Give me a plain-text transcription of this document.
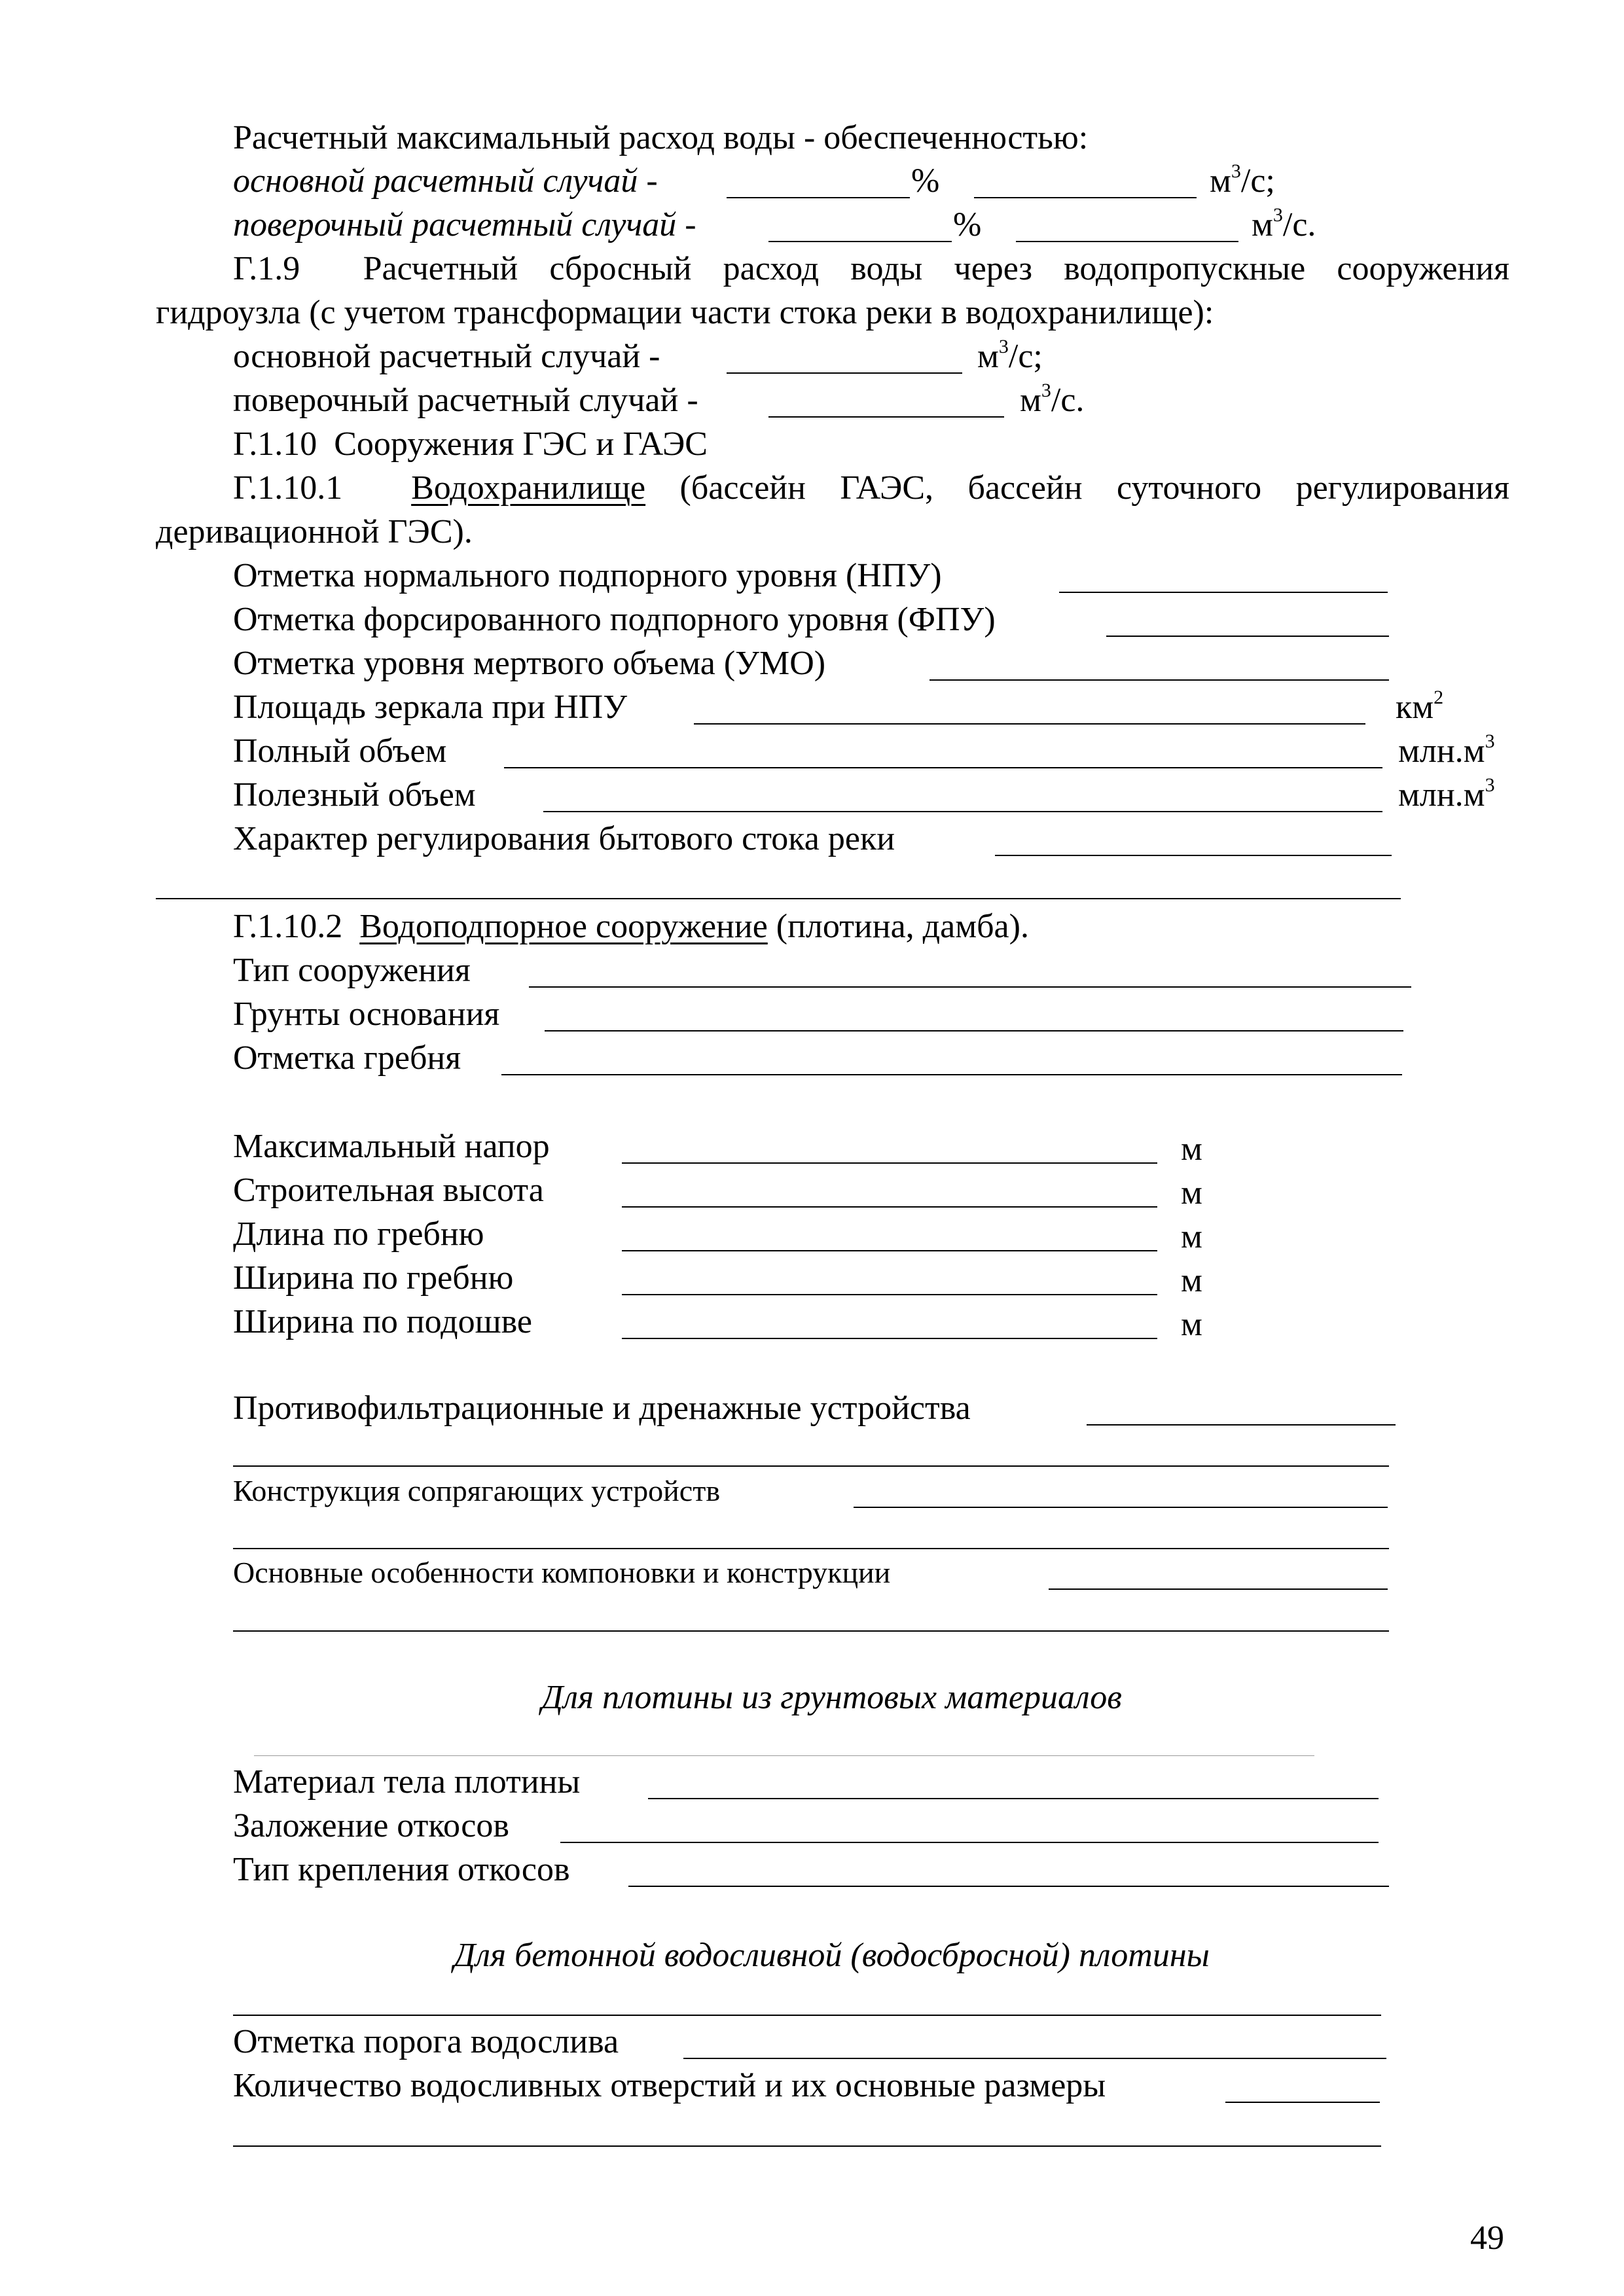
Расчетный максимальный расход воды - обеспеченностью:
основной расчетный случай -	%	$м^3/с$;
поверочный расчетный случай -	%	$м^3/с$.
Г.1.9 Расчетный сбросный расход воды через водопропускные сооружения
гидроузла (с учетом трансформации части стока реки в водохранилище):
основной расчетный случай -	$м^3/с$;
поверочный расчетный случай -	$м^3/с$.
Г.1.10 Сооружения ГЭС и ГАЭС
Г.1.10.1 Водохранилище (бассейн ГАЭС, бассейн суточного регулирования
деривационной ГЭС).
Отметка нормального подпорного уровня (НПУ)
Отметка форсированного подпорного уровня (ФПУ)
Отметка уровня мертвого объема (УМО)
Площадь зеркала при НПУ	$км^2$
Полный объем	$млн.м^3$
Полезный объем	$млн.м^3$
Характер регулирования бытового стока реки
Г.1.10.2 Водоподпорное сооружение (плотина, дамба).
Тип сооружения
Грунты основания
Отметка гребня
Максимальный напор	м
Строительная высота	м
Длина по гребню	м
Ширина по гребню	м
Ширина по подошве	м
Противофильтрационные и дренажные устройства
Конструкция сопрягающих устройств
Основные особенности компоновки и конструкции
Для плотины из грунтовых материалов
Материал тела плотины
Заложение откосов
Тип крепления откосов
Для бетонной водосливной (водосбросной) плотины
Отметка порога водослива
Количество водосливных отверстий и их основные размеры
49
